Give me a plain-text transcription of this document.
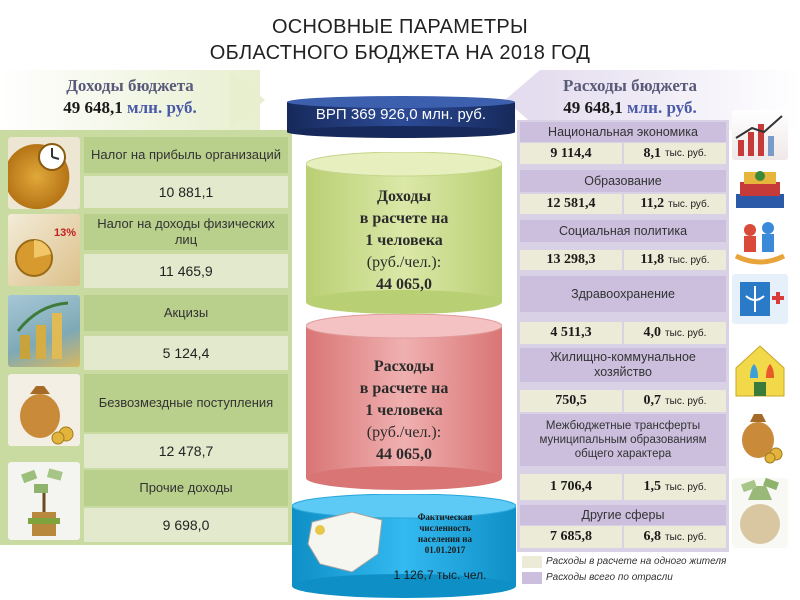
ОСНОВНЫЕ ПАРАМЕТРЫ
ОБЛАСТНОГО БЮДЖЕТА НА 2018 ГОД
Доходы бюджета
49 648,1 млн. руб.
Расходы бюджета
49 648,1 млн. руб.
Налог на прибыль организаций
10 881,1
13%
Налог на доходы физических лиц
11 465,9
Акцизы
5 124,4
Безвозмездные поступления
12 478,7
Прочие доходы
9 698,0
ВРП 369 926,0 млн. руб.
Доходы
в расчете на
1 человека
(руб./чел.):
44 065,0
Расходы
в расчете на
1 человека
(руб./чел.):
44 065,0
Фактическая
численность
населения на
01.01.2017
1 126,7 тыс. чел.
Национальная экономика
9 114,4	8,1 тыс. руб.
Образование
12 581,4	11,2 тыс. руб.
Социальная политика
13 298,3	11,8 тыс. руб.
Здравоохранение
4 511,3	4,0 тыс. руб.
Жилищно-коммунальное хозяйство
750,5	0,7 тыс. руб.
Межбюджетные трансферты муниципальным образованиям общего характера
1 706,4	1,5 тыс. руб.
Другие сферы
7 685,8	6,8 тыс. руб.
Расходы в расчете на одного жителя
Расходы всего по отрасли
